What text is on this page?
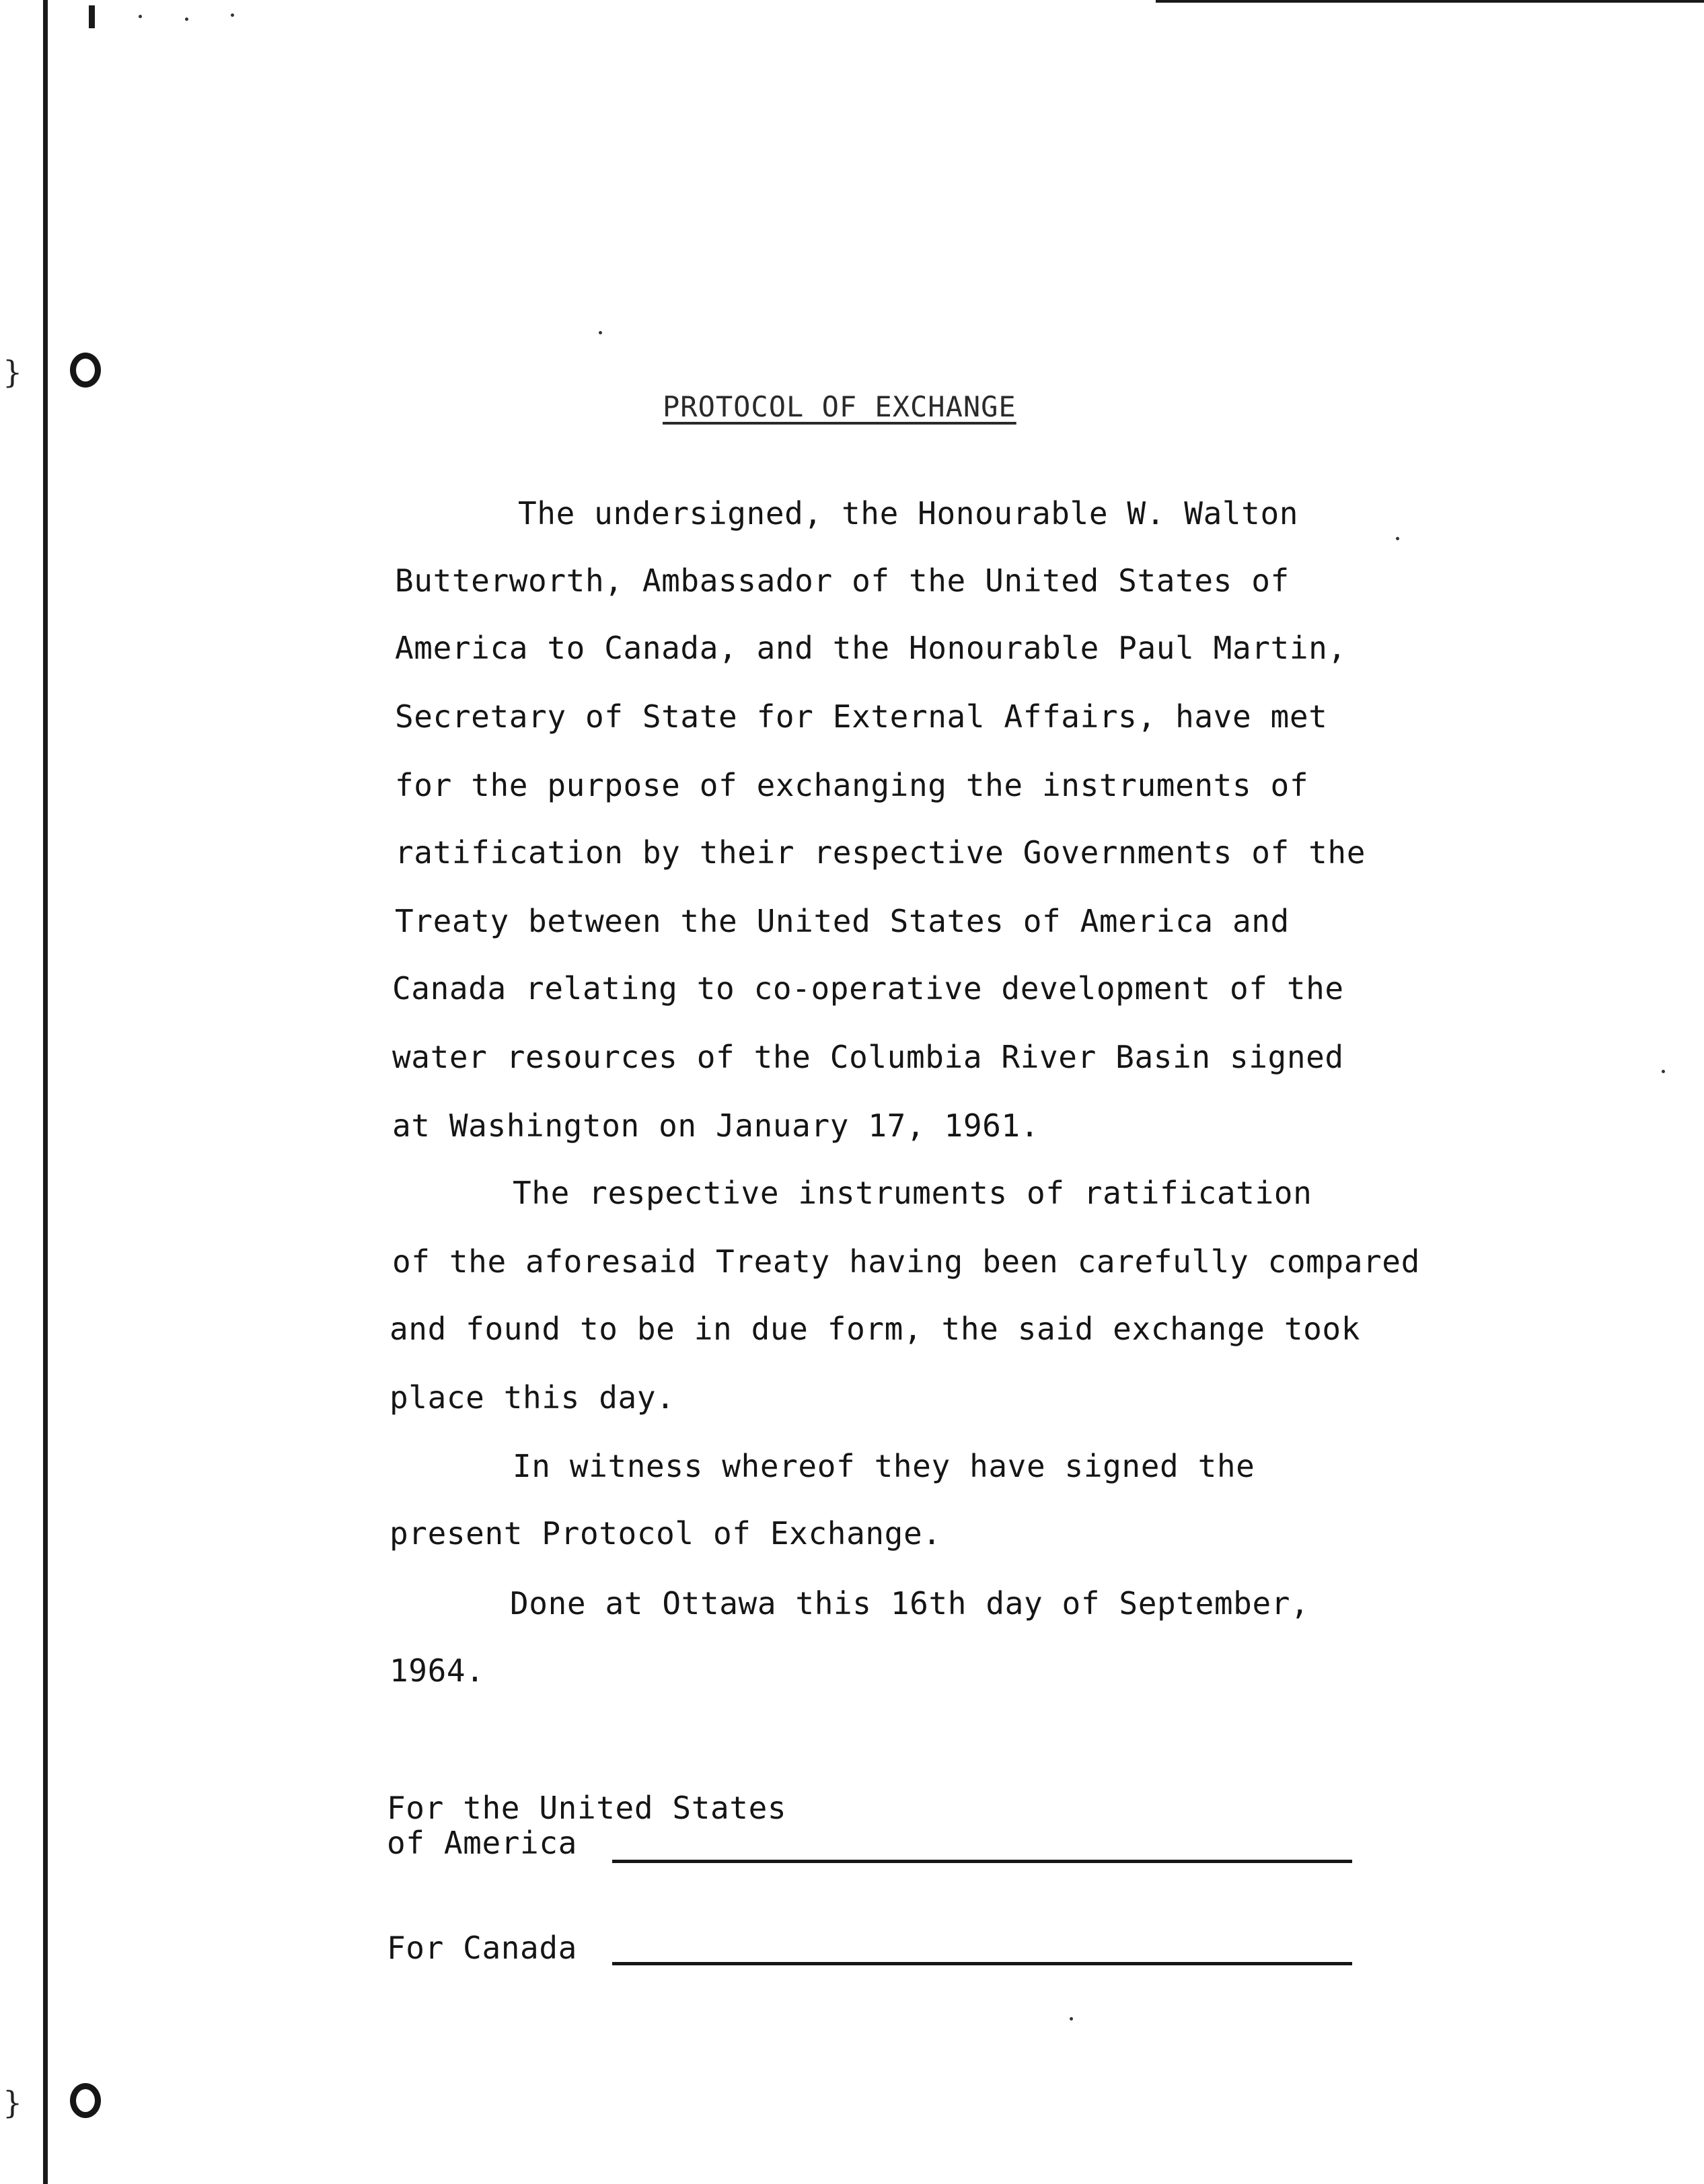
}
}
PROTOCOL OF EXCHANGE
The undersigned, the Honourable W. Walton
Butterworth, Ambassador of the United States of
America to Canada, and the Honourable Paul Martin,
Secretary of State for External Affairs, have met
for the purpose of exchanging the instruments of
ratification by their respective Governments of the
Treaty between the United States of America and
Canada relating to co-operative development of the
water resources of the Columbia River Basin signed
at Washington on January 17, 1961.
The respective instruments of ratification
of the aforesaid Treaty having been carefully compared
and found to be in due form, the said exchange took
place this day.
In witness whereof they have signed the
present Protocol of Exchange.
Done at Ottawa this 16th day of September,
1964.
For the United States
of America
For Canada
